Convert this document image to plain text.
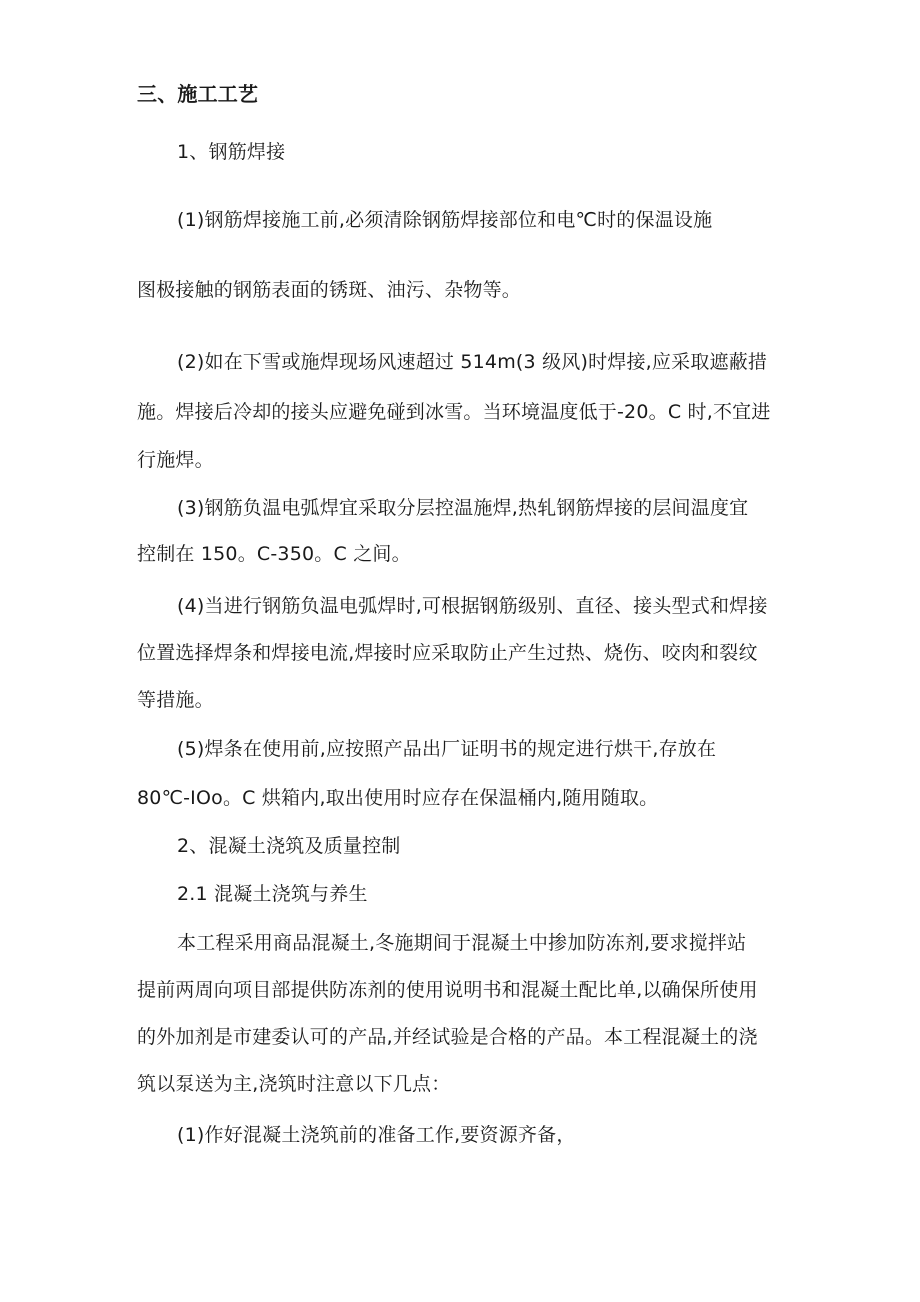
三、施工工艺
1、钢筋焊接
(1)钢筋焊接施工前,必须清除钢筋焊接部位和电℃时的保温设施
图极接触的钢筋表面的锈斑、油污、杂物等。
(2)如在下雪或施焊现场风速超过 514m(3 级风)时焊接,应采取遮蔽措
施。焊接后冷却的接头应避免碰到冰雪。当环境温度低于-20。C 时,不宜进
行施焊。
(3)钢筋负温电弧焊宜采取分层控温施焊,热轧钢筋焊接的层间温度宜
控制在 150。C-350。C 之间。
(4)当进行钢筋负温电弧焊时,可根据钢筋级别、直径、接头型式和焊接
位置选择焊条和焊接电流,焊接时应采取防止产生过热、烧伤、咬肉和裂纹
等措施。
(5)焊条在使用前,应按照产品出厂证明书的规定进行烘干,存放在
80℃-IOo。C 烘箱内,取出使用时应存在保温桶内,随用随取。
2、混凝土浇筑及质量控制
2.1 混凝土浇筑与养生
本工程采用商品混凝土,冬施期间于混凝土中掺加防冻剂,要求搅拌站
提前两周向项目部提供防冻剂的使用说明书和混凝土配比单,以确保所使用
的外加剂是市建委认可的产品,并经试验是合格的产品。本工程混凝土的浇
筑以泵送为主,浇筑时注意以下几点：
(1)作好混凝土浇筑前的准备工作,要资源齐备，
